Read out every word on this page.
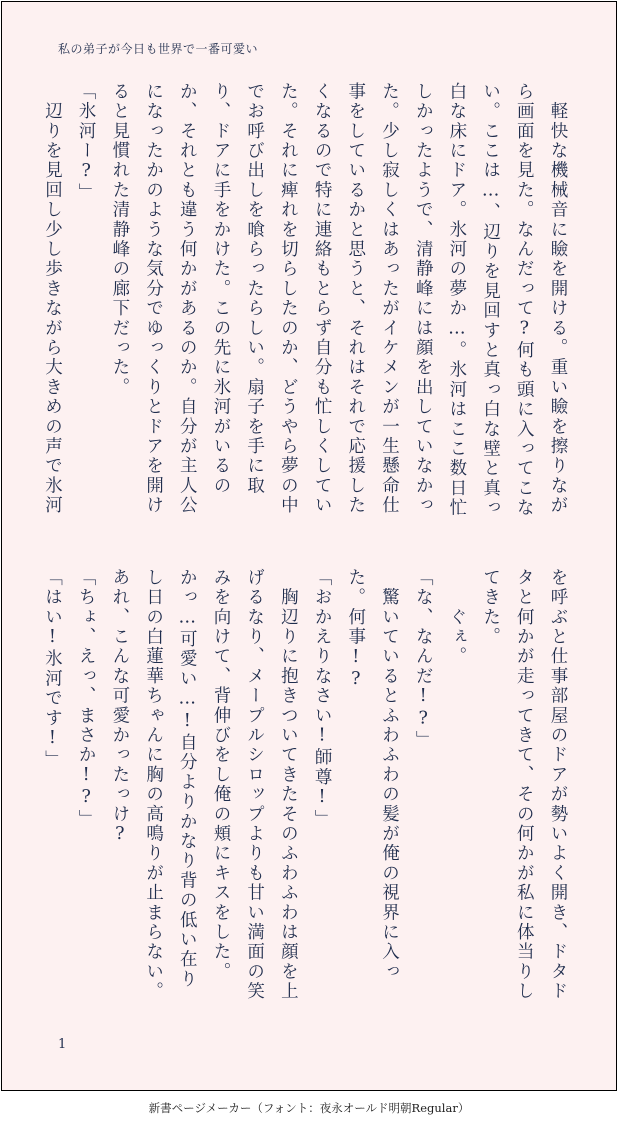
私の弟子が今日も世界で一番可愛い

　軽快な機械音に瞼を開ける。重い瞼を擦りながら画面を見た。なんだって?何も頭に入ってこない。ここは…、辺りを見回すと真っ白な壁と真っ白な床にドア。氷河の夢か…。氷河はここ数日忙しかったようで、清静峰には顔を出していなかった。少し寂しくはあったがイケメンが一生懸命仕事をしているかと思うと、それはそれで応援したくなるので特に連絡もとらず自分も忙しくしていた。それに痺れを切らしたのか、どうやら夢の中でお呼び出しを喰らったらしい。扇子を手に取り、ドアに手をかけた。この先に氷河がいるのか、それとも違う何かがあるのか。自分が主人公になったかのような気分でゆっくりとドアを開けると見慣れた清静峰の廊下だった。

「氷河ー?」

　辺りを見回し少し歩きながら大きめの声で氷河

を呼ぶと仕事部屋のドアが勢いよく開き、ドタドタと何かが走ってきて、その何かが私に体当りしてきた。

　　ぐぇ。

「な、なんだ!?」

　驚いているとふわふわの髪が俺の視界に入った。何事!?

「おかえりなさい!師尊!」

　胸辺りに抱きついてきたそのふわふわは顔を上げるなり、メープルシロップよりも甘い満面の笑みを向けて、背伸びをし俺の頬にキスをした。

かっ…可愛い…!自分よりかなり背の低い在りし日の白蓮華ちゃんに胸の高鳴りが止まらない。あれ、こんな可愛かったっけ?

「ちょ、えっ、まさか!?」

「はい!氷河です!」

1
新書ページメーカー（フォント：夜永オールド明朝Regular）
